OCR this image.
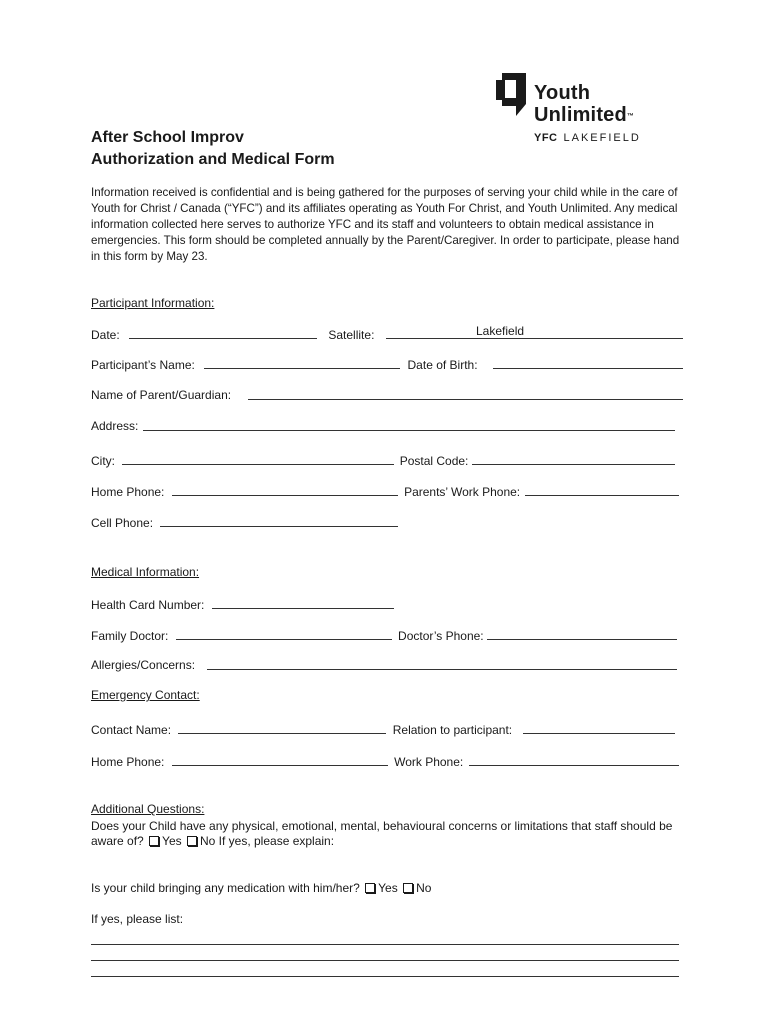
Youth
Unlimited™
YFC LAKEFIELD
After School Improv
Authorization and Medical Form
Information received is confidential and is being gathered for the purposes of serving your child while in the care of Youth for Christ / Canada (“YFC”) and its affiliates operating as Youth For Christ, and Youth Unlimited. Any medical information collected here serves to authorize YFC and its staff and volunteers to obtain medical assistance in emergencies. This form should be completed annually by the Parent/Caregiver. In order to participate, please hand in this form by May 23.
Participant Information:
Date:	Satellite:	Lakefield
Participant’s Name:	Date of Birth:
Name of Parent/Guardian:
Address:
City:	Postal Code:
Home Phone:	Parents’ Work Phone:
Cell Phone:
Medical Information:
Health Card Number:
Family Doctor:	Doctor’s Phone:
Allergies/Concerns:
Emergency Contact:
Contact Name:	Relation to participant:
Home Phone:	Work Phone:
Additional Questions:
Does your Child have any physical, emotional, mental, behavioural concerns or limitations that staff should be aware of? Yes No If yes, please explain:
Is your child bringing any medication with him/her? Yes No
If yes, please list:
